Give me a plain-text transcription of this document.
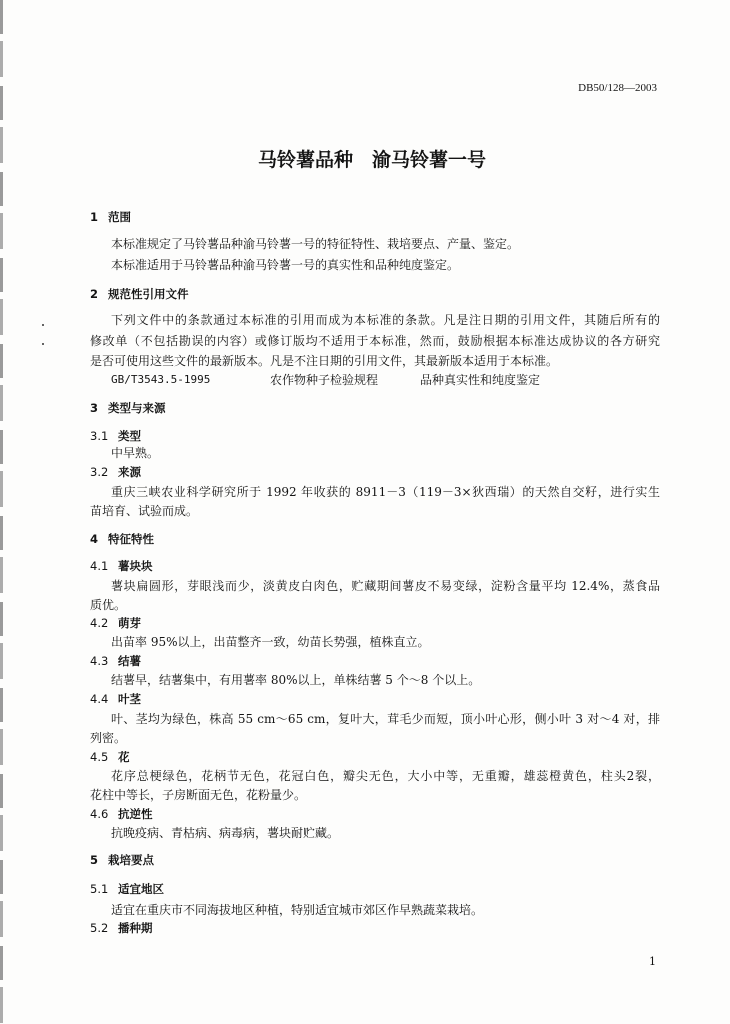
DB50/128—2003
马铃薯品种　渝马铃薯一号
1 范围
本标准规定了马铃薯品种渝马铃薯一号的特征特性、栽培要点、产量、鉴定。
本标准适用于马铃薯品种渝马铃薯一号的真实性和品种纯度鉴定。
2 规范性引用文件
下列文件中的条款通过本标准的引用而成为本标准的条款。凡是注日期的引用文件，其随后所有的
修改单（不包括勘误的内容）或修订版均不适用于本标准，然而，鼓励根据本标准达成协议的各方研究
是否可使用这些文件的最新版本。凡是不注日期的引用文件，其最新版本适用于本标准。
GB/T3543.5-1995	农作物种子检验规程	品种真实性和纯度鉴定
3 类型与来源
3.1 类型
中早熟。
3.2 来源
重庆三峡农业科学研究所于 1992 年收获的 8911－3（119－3×狄西瑞）的天然自交籽，进行实生
苗培育、试验而成。
4 特征特性
4.1 薯块块
薯块扁圆形，芽眼浅而少，淡黄皮白肉色，贮藏期间薯皮不易变绿，淀粉含量平均 12.4%，蒸食品
质优。
4.2 萌芽
出苗率 95%以上，出苗整齐一致，幼苗长势强，植株直立。
4.3 结薯
结薯早，结薯集中，有用薯率 80%以上，单株结薯 5 个～8 个以上。
4.4 叶茎
叶、茎均为绿色，株高 55 cm～65 cm，复叶大，茸毛少而短，顶小叶心形，侧小叶 3 对～4 对，排
列密。
4.5 花
花序总梗绿色，花柄节无色，花冠白色，瓣尖无色，大小中等，无重瓣，雄蕊橙黄色，柱头2裂，
花柱中等长，子房断面无色，花粉量少。
4.6 抗逆性
抗晚疫病、青枯病、病毒病，薯块耐贮藏。
5 栽培要点
5.1 适宜地区
适宜在重庆市不同海拔地区种植，特别适宜城市郊区作早熟蔬菜栽培。
5.2 播种期
1
